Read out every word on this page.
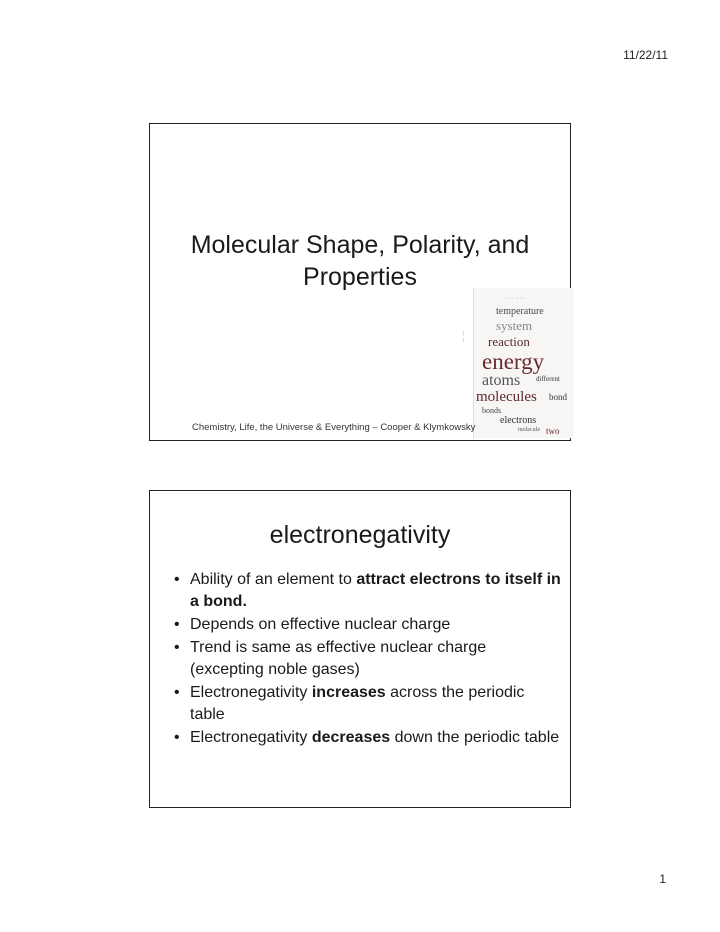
11/22/11
Molecular Shape, Polarity, and
Properties
·· ·· ·· ··
temperature
·· ··
system
reaction
energy
atoms different
molecules bond
bonds
electrons
molecule two
Chemistry, Life, the Universe & Everything – Cooper & Klymkowsky
electronegativity
• Ability of an element to attract electrons to itself in a bond.
• Depends on effective nuclear charge
• Trend is same as effective nuclear charge (excepting noble gases)
• Electronegativity increases across the periodic table
• Electronegativity decreases down the periodic table
1
